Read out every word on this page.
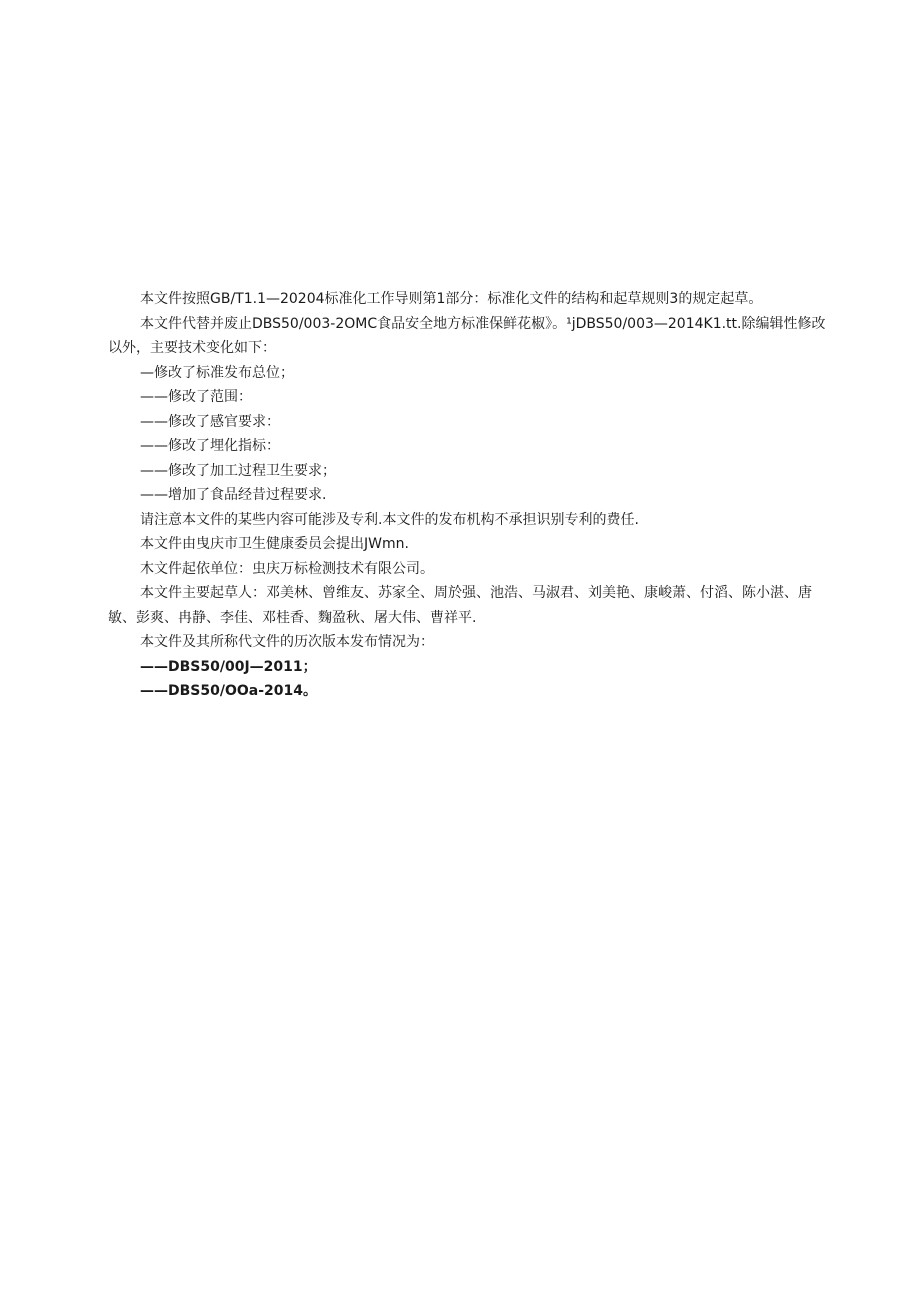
本文件按照GB/T1.1—20204标准化工作导则第1部分：标准化文件的结构和起草规则3的规定起草。

本文件代替并废止DBS50/003-2OMC食品安全地方标准保鲜花椒》。¹jDBS50/003—2014K1.tt.除编辑性修改以外，主要技术变化如下：

—修改了标准发布总位；

——修改了范围：

——修改了感官要求：

——修改了埋化指标：

——修改了加工过程卫生要求；

——增加了食品经昔过程要求.

请注意本文件的某些内容可能涉及专利.本文件的发布机构不承担识别专利的费任.

本文件由曳庆市卫生健康委员会提出JWmn.

木文件起依单位：虫庆万标检测技术有限公司。

本文件主要起草人：邓美林、曾维友、苏家全、周於强、池浩、马淑君、刘美艳、康峻萧、付滔、陈小湛、唐敏、彭爽、冉静、李佳、邓桂香、麴盈秋、屠大伟、曹祥平.

本文件及其所称代文件的历次版本发布情况为：

——DBS50/00J—2011；

——DBS50/OOa-2014。
